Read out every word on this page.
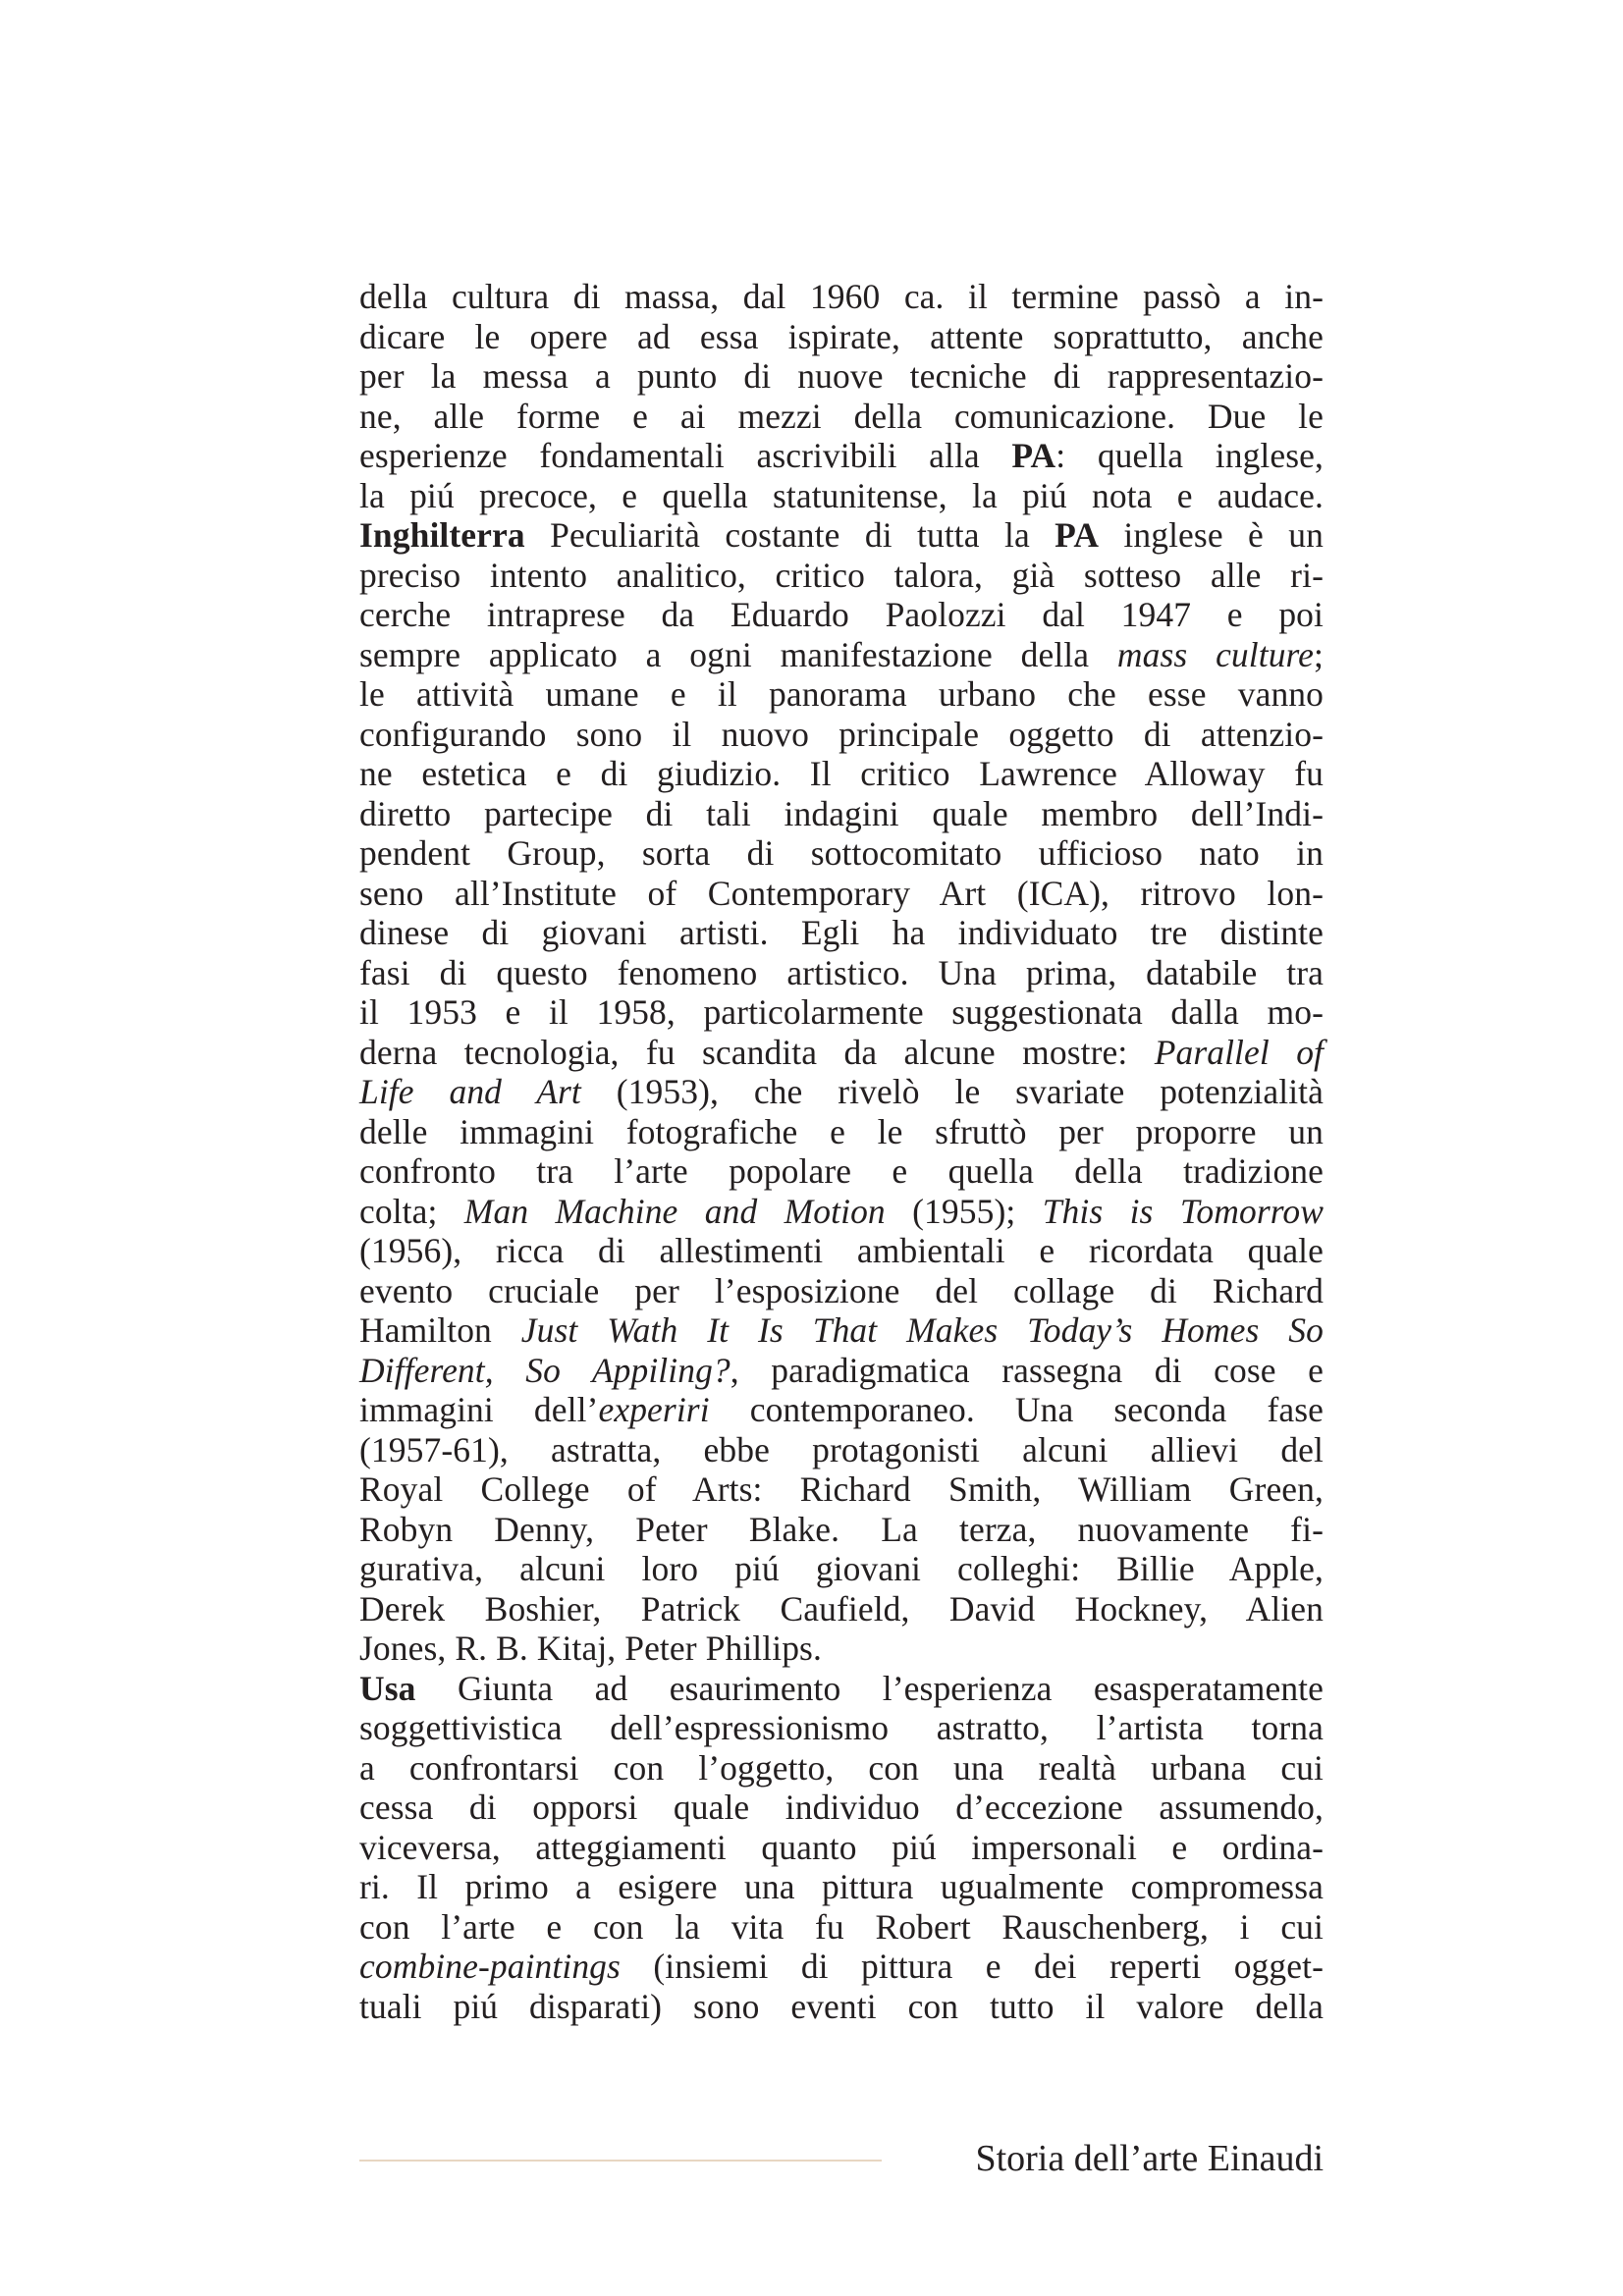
della cultura di massa, dal 1960 ca. il termine passò a in-
dicare le opere ad essa ispirate, attente soprattutto, anche
per la messa a punto di nuove tecniche di rappresentazio-
ne, alle forme e ai mezzi della comunicazione. Due le
esperienze fondamentali ascrivibili alla PA: quella inglese,
la piú precoce, e quella statunitense, la piú nota e audace.
Inghilterra Peculiarità costante di tutta la PA inglese è un
preciso intento analitico, critico talora, già sotteso alle ri-
cerche intraprese da Eduardo Paolozzi dal 1947 e poi
sempre applicato a ogni manifestazione della mass culture;
le attività umane e il panorama urbano che esse vanno
configurando sono il nuovo principale oggetto di attenzio-
ne estetica e di giudizio. Il critico Lawrence Alloway fu
diretto partecipe di tali indagini quale membro dell’Indi-
pendent Group, sorta di sottocomitato ufficioso nato in
seno all’Institute of Contemporary Art (ICA), ritrovo lon-
dinese di giovani artisti. Egli ha individuato tre distinte
fasi di questo fenomeno artistico. Una prima, databile tra
il 1953 e il 1958, particolarmente suggestionata dalla mo-
derna tecnologia, fu scandita da alcune mostre: Parallel of
Life and Art (1953), che rivelò le svariate potenzialità
delle immagini fotografiche e le sfruttò per proporre un
confronto tra l’arte popolare e quella della tradizione
colta; Man Machine and Motion (1955); This is Tomorrow
(1956), ricca di allestimenti ambientali e ricordata quale
evento cruciale per l’esposizione del collage di Richard
Hamilton Just Wath It Is That Makes Today’s Homes So
Different, So Appiling?, paradigmatica rassegna di cose e
immagini dell’experiri contemporaneo. Una seconda fase
(1957-61), astratta, ebbe protagonisti alcuni allievi del
Royal College of Arts: Richard Smith, William Green,
Robyn Denny, Peter Blake. La terza, nuovamente fi-
gurativa, alcuni loro piú giovani colleghi: Billie Apple,
Derek Boshier, Patrick Caufield, David Hockney, Alien
Jones, R. B. Kitaj, Peter Phillips.
Usa Giunta ad esaurimento l’esperienza esasperatamente
soggettivistica dell’espressionismo astratto, l’artista torna
a confrontarsi con l’oggetto, con una realtà urbana cui
cessa di opporsi quale individuo d’eccezione assumendo,
viceversa, atteggiamenti quanto piú impersonali e ordina-
ri. Il primo a esigere una pittura ugualmente compromessa
con l’arte e con la vita fu Robert Rauschenberg, i cui
combine-paintings (insiemi di pittura e dei reperti ogget-
tuali piú disparati) sono eventi con tutto il valore della
Storia dell’arte Einaudi
